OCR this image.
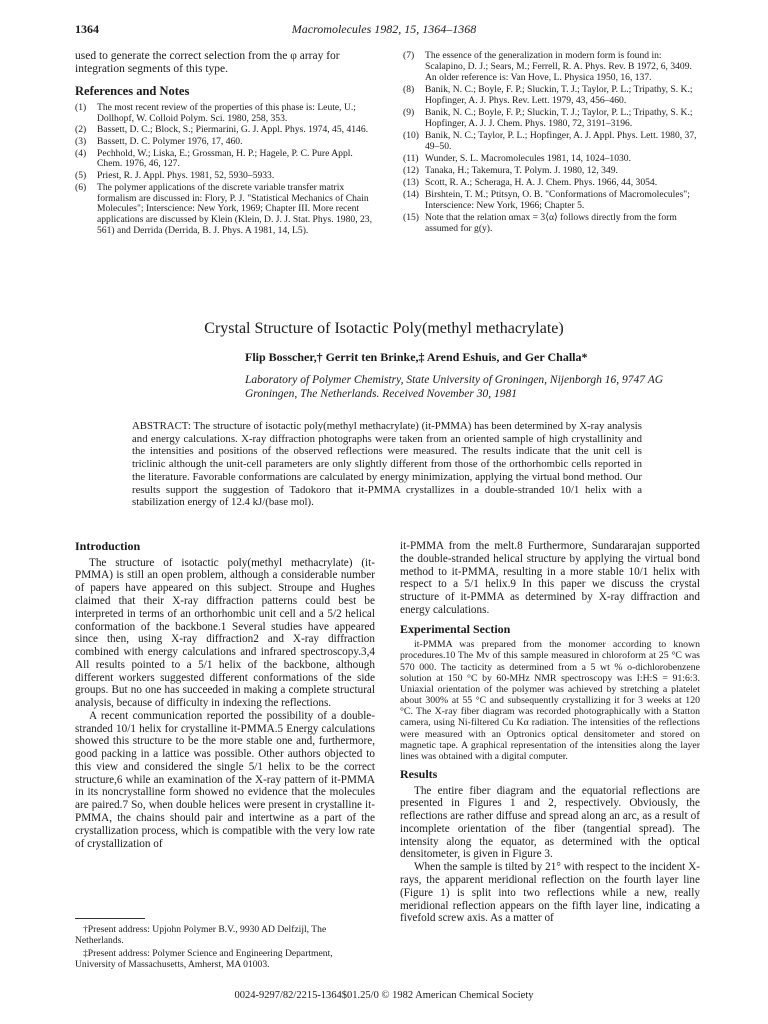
1364	Macromolecules 1982, 15, 1364–1368

used to generate the correct selection from the φ array for integration segments of this type.

References and Notes
(1)	The most recent review of the properties of this phase is: Leute, U.; Dollhopf, W. Colloid Polym. Sci. 1980, 258, 353.
(2)	Bassett, D. C.; Block, S.; Piermarini, G. J. Appl. Phys. 1974, 45, 4146.
(3)	Bassett, D. C. Polymer 1976, 17, 460.
(4)	Pechhold, W.; Liska, E.; Grossman, H. P.; Hagele, P. C. Pure Appl. Chem. 1976, 46, 127.
(5)	Priest, R. J. Appl. Phys. 1981, 52, 5930–5933.
(6)	The polymer applications of the discrete variable transfer matrix formalism are discussed in: Flory, P. J. "Statistical Mechanics of Chain Molecules"; Interscience: New York, 1969; Chapter III. More recent applications are discussed by Klein (Klein, D. J. J. Stat. Phys. 1980, 23, 561) and Derrida (Derrida, B. J. Phys. A 1981, 14, L5).
(7)	The essence of the generalization in modern form is found in: Scalapino, D. J.; Sears, M.; Ferrell, R. A. Phys. Rev. B 1972, 6, 3409. An older reference is: Van Hove, L. Physica 1950, 16, 137.
(8)	Banik, N. C.; Boyle, F. P.; Sluckin, T. J.; Taylor, P. L.; Tripathy, S. K.; Hopfinger, A. J. Phys. Rev. Lett. 1979, 43, 456–460.
(9)	Banik, N. C.; Boyle, F. P.; Sluckin, T. J.; Taylor, P. L.; Tripathy, S. K.; Hopfinger, A. J. J. Chem. Phys. 1980, 72, 3191–3196.
(10) Banik, N. C.; Taylor, P. L.; Hopfinger, A. J. Appl. Phys. Lett. 1980, 37, 49–50.
(11) Wunder, S. L. Macromolecules 1981, 14, 1024–1030.
(12) Tanaka, H.; Takemura, T. Polym. J. 1980, 12, 349.
(13) Scott, R. A.; Scheraga, H. A. J. Chem. Phys. 1966, 44, 3054.
(14) Birshtein, T. M.; Ptitsyn, O. B. "Conformations of Macromolecules"; Interscience: New York, 1966; Chapter 5.
(15) Note that the relation αmax = 3⟨α⟩ follows directly from the form assumed for g(y).
Crystal Structure of Isotactic Poly(methyl methacrylate)
Flip Bosscher,† Gerrit ten Brinke,‡ Arend Eshuis, and Ger Challa*
Laboratory of Polymer Chemistry, State University of Groningen, Nijenborgh 16, 9747 AG Groningen, The Netherlands. Received November 30, 1981
ABSTRACT: The structure of isotactic poly(methyl methacrylate) (it-PMMA) has been determined by X-ray analysis and energy calculations. X-ray diffraction photographs were taken from an oriented sample of high crystallinity and the intensities and positions of the observed reflections were measured. The results indicate that the unit cell is triclinic although the unit-cell parameters are only slightly different from those of the orthorhombic cells reported in the literature. Favorable conformations are calculated by energy minimization, applying the virtual bond method. Our results support the suggestion of Tadokoro that it-PMMA crystallizes in a double-stranded 10/1 helix with a stabilization energy of 12.4 kJ/(base mol).
Introduction

The structure of isotactic poly(methyl methacrylate) (it-PMMA) is still an open problem, although a considerable number of papers have appeared on this subject. Stroupe and Hughes claimed that their X-ray diffraction patterns could best be interpreted in terms of an orthorhombic unit cell and a 5/2 helical conformation of the backbone.1 Several studies have appeared since then, using X-ray diffraction2 and X-ray diffraction combined with energy calculations and infrared spectroscopy.3,4 All results pointed to a 5/1 helix of the backbone, although different workers suggested different conformations of the side groups. But no one has succeeded in making a complete structural analysis, because of difficulty in indexing the reflections.

A recent communication reported the possibility of a double-stranded 10/1 helix for crystalline it-PMMA.5 Energy calculations showed this structure to be the more stable one and, furthermore, good packing in a lattice was possible. Other authors objected to this view and considered the single 5/1 helix to be the correct structure,6 while an examination of the X-ray pattern of it-PMMA in its noncrystalline form showed no evidence that the molecules are paired.7 So, when double helices were present in crystalline it-PMMA, the chains should pair and intertwine as a part of the crystallization process, which is compatible with the very low rate of crystallization of

it-PMMA from the melt.8 Furthermore, Sundararajan supported the double-stranded helical structure by applying the virtual bond method to it-PMMA, resulting in a more stable 10/1 helix with respect to a 5/1 helix.9 In this paper we discuss the crystal structure of it-PMMA as determined by X-ray diffraction and energy calculations.

Experimental Section

it-PMMA was prepared from the monomer according to known procedures.10 The Mv of this sample measured in chloroform at 25 °C was 570 000. The tacticity as determined from a 5 wt % o-dichlorobenzene solution at 150 °C by 60-MHz NMR spectroscopy was I:H:S = 91:6:3. Uniaxial orientation of the polymer was achieved by stretching a platelet about 300% at 55 °C and subsequently crystallizing it for 3 weeks at 120 °C. The X-ray fiber diagram was recorded photographically with a Statton camera, using Ni-filtered Cu Kα radiation. The intensities of the reflections were measured with an Optronics optical densitometer and stored on magnetic tape. A graphical representation of the intensities along the layer lines was obtained with a digital computer.

Results

The entire fiber diagram and the equatorial reflections are presented in Figures 1 and 2, respectively. Obviously, the reflections are rather diffuse and spread along an arc, as a result of incomplete orientation of the fiber (tangential spread). The intensity along the equator, as determined with the optical densitometer, is given in Figure 3.

When the sample is tilted by 21° with respect to the incident X-rays, the apparent meridional reflection on the fourth layer line (Figure 1) is split into two reflections while a new, really meridional reflection appears on the fifth layer line, indicating a fivefold screw axis. As a matter of

†Present address: Upjohn Polymer B.V., 9930 AD Delfzijl, The Netherlands.

‡Present address: Polymer Science and Engineering Department, University of Massachusetts, Amherst, MA 01003.

0024-9297/82/2215-1364$01.25/0 © 1982 American Chemical Society
